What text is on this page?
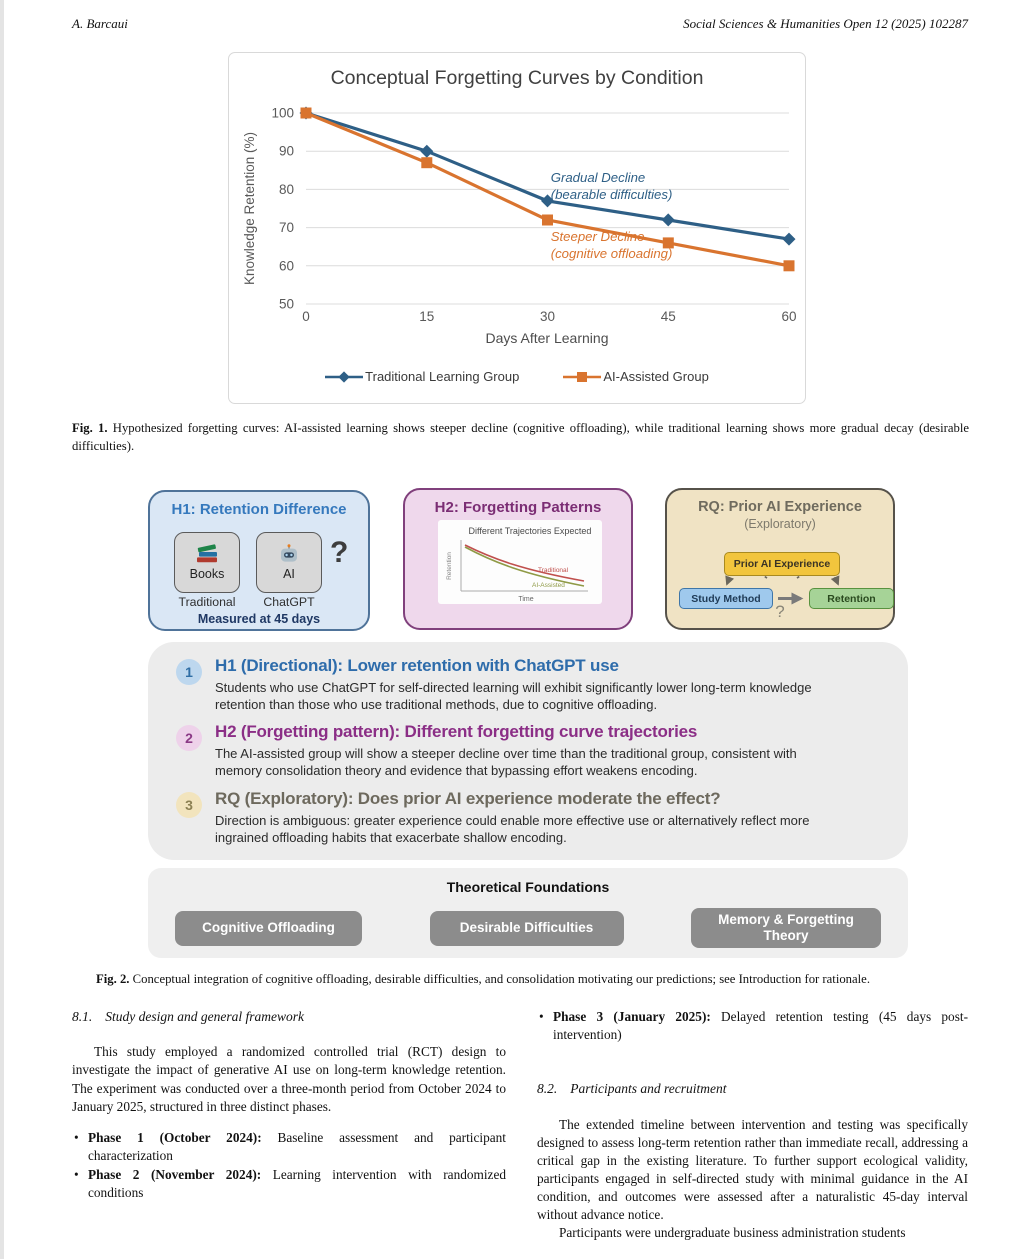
A. Barcaui	Social Sciences & Humanities Open 12 (2025) 102287
Conceptual Forgetting Curves by Condition
50
60
70
80
90
100
0	15	30	45	60
Knowledge Retention (%)	Gradual Decline
(bearable difficulties)
Steeper Decline
(cognitive offloading)
Days After Learning
Traditional Learning Group	AI-Assisted Group
Fig. 1. Hypothesized forgetting curves: AI-assisted learning shows steeper decline (cognitive offloading), while traditional learning shows more gradual decay (desirable difficulties).
H1: Retention Difference
Books	AI
?
Traditional	ChatGPT
Measured at 45 days
H2: Forgetting Patterns
Different Trajectories Expected
Retention	Traditional
AI-Assisted
Time
RQ: Prior AI Experience
(Exploratory)
Prior AI Experience
Study Method	Retention
?
1	H1 (Directional): Lower retention with ChatGPT use
Students who use ChatGPT for self-directed learning will exhibit significantly lower long-term knowledge retention than those who use traditional methods, due to cognitive offloading.
2	H2 (Forgetting pattern): Different forgetting curve trajectories
The AI-assisted group will show a steeper decline over time than the traditional group, consistent with memory consolidation theory and evidence that bypassing effort weakens encoding.
3	RQ (Exploratory): Does prior AI experience moderate the effect?
Direction is ambiguous: greater experience could enable more effective use or alternatively reflect more ingrained offloading habits that exacerbate shallow encoding.
Theoretical Foundations
Cognitive Offloading	Desirable Difficulties
Memory & Forgetting Theory
Fig. 2. Conceptual integration of cognitive offloading, desirable difficulties, and consolidation motivating our predictions; see Introduction for rationale.
8.1. Study design and general framework
This study employed a randomized controlled trial (RCT) design to investigate the impact of generative AI use on long-term knowledge retention. The experiment was conducted over a three-month period from October 2024 to January 2025, structured in three distinct phases.
• Phase 1 (October 2024): Baseline assessment and participant characterization
• Phase 2 (November 2024): Learning intervention with randomized conditions
• Phase 3 (January 2025): Delayed retention testing (45 days post-intervention)
8.2. Participants and recruitment
The extended timeline between intervention and testing was specifically designed to assess long-term retention rather than immediate recall, addressing a critical gap in the existing literature. To further support ecological validity, participants engaged in self-directed study with minimal guidance in the AI condition, and outcomes were assessed after a naturalistic 45-day interval without advance notice.
Participants were undergraduate business administration students
